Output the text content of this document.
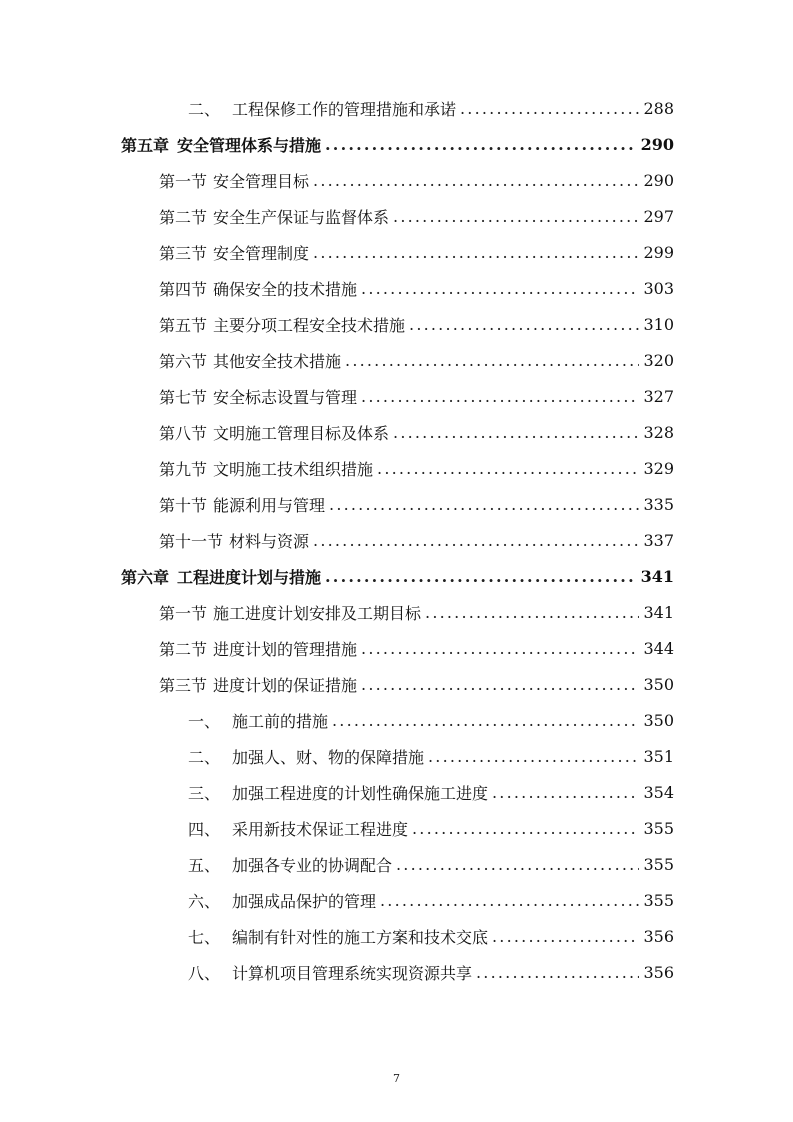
二、 工程保修工作的管理措施和承诺 .....	288
第五章 安全管理体系与措施 .....	290
第一节 安全管理目标 .....	290
第二节 安全生产保证与监督体系 .....	297
第三节 安全管理制度 .....	299
第四节 确保安全的技术措施 .....	303
第五节 主要分项工程安全技术措施 .....	310
第六节 其他安全技术措施 .....	320
第七节 安全标志设置与管理 .....	327
第八节 文明施工管理目标及体系 .....	328
第九节 文明施工技术组织措施 .....	329
第十节 能源利用与管理 .....	335
第十一节 材料与资源 .....	337
第六章 工程进度计划与措施 .....	341
第一节 施工进度计划安排及工期目标 .....	341
第二节 进度计划的管理措施 .....	344
第三节 进度计划的保证措施 .....	350
一、 施工前的措施 .....	350
二、 加强人、财、物的保障措施 .....	351
三、 加强工程进度的计划性确保施工进度 .....	354
四、 采用新技术保证工程进度 .....	355
五、 加强各专业的协调配合 .....	355
六、 加强成品保护的管理 .....	355
七、 编制有针对性的施工方案和技术交底 .....	356
八、 计算机项目管理系统实现资源共享 .....	356
7
